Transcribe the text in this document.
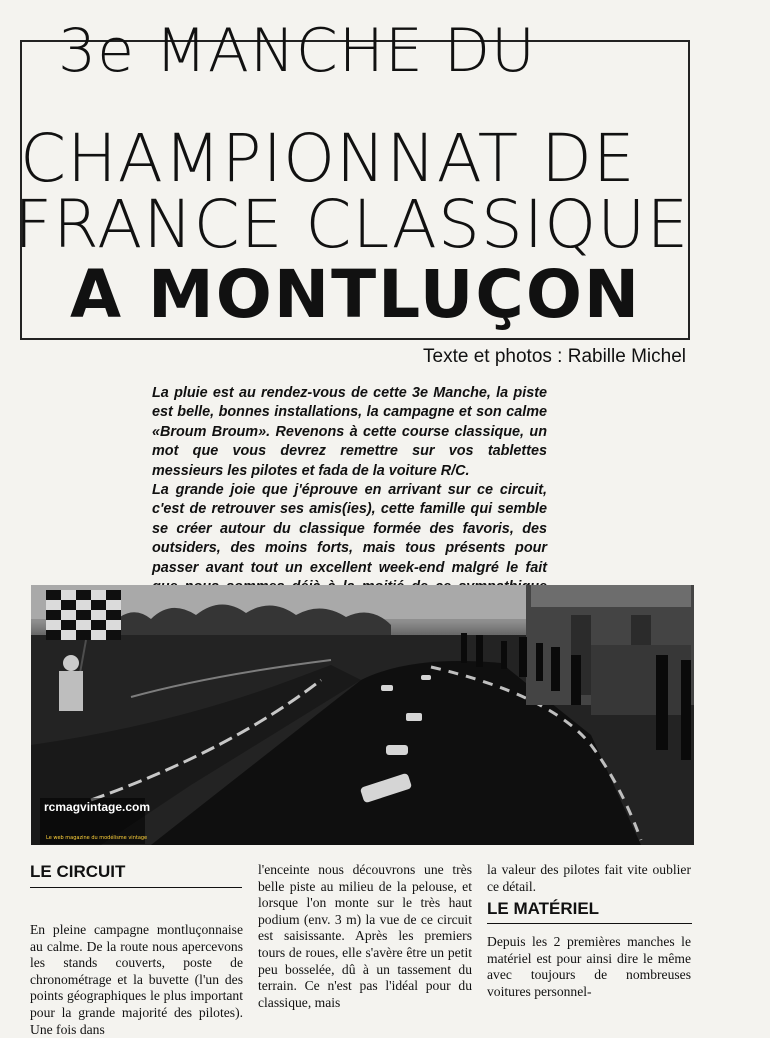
3e MANCHE DU
CHAMPIONNAT DE
FRANCE CLASSIQUE
A MONTLUÇON
Texte et photos : Rabille Michel

La pluie est au rendez-vous de cette 3e Manche, la piste est belle, bonnes installations, la campagne et son calme «Broum Broum». Revenons à cette course classique, un mot que vous devrez remettre sur vos tablettes messieurs les pilotes et fada de la voiture R/C.

La grande joie que j'éprouve en arrivant sur ce circuit, c'est de retrouver ses amis(ies), cette famille qui semble se créer autour du classique formée des favoris, des outsiders, des moins forts, mais tous présents pour passer avant tout un excellent week-end malgré le fait

rcmagvintage.com
Le web magazine du modélisme vintage
LE CIRCUIT
En pleine campagne montluçonnaise au calme. De la route nous apercevons les stands couverts, poste de chronométrage et la buvette (l'un des points géographiques le plus important pour la grande majorité des pilotes). Une fois dans
l'enceinte nous découvrons une très belle piste au milieu de la pelouse, et lorsque l'on monte sur le très haut podium (env. 3 m) la vue de ce circuit est saisissante. Après les premiers tours de roues, elle s'avère être un petit peu bosselée, dû à un tassement du terrain. Ce n'est pas l'idéal pour du classique, mais
la valeur des pilotes fait vite oublier ce détail.
LE MATÉRIEL
Depuis les 2 premières manches le matériel est pour ainsi dire le même avec toujours de nombreuses voitures personnel-
